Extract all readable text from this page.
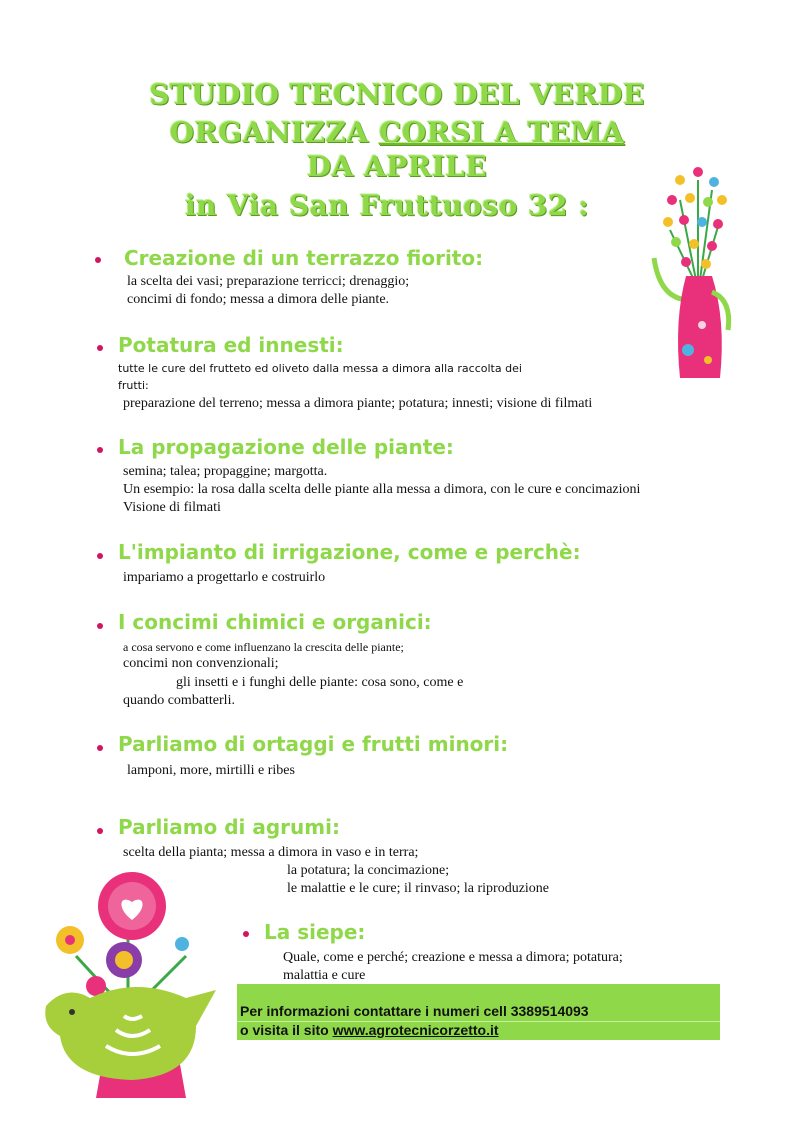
STUDIO TECNICO DEL VERDE
ORGANIZZA CORSI A TEMA
DA APRILE
in Via San Fruttuoso 32 :
Creazione di un terrazzo fiorito:
la scelta dei vasi; preparazione terricci; drenaggio;
concimi di fondo; messa a dimora delle piante.
Potatura ed innesti:
tutte le cure del frutteto ed oliveto dalla messa a dimora alla raccolta dei
frutti:
preparazione del terreno; messa a dimora piante; potatura; innesti; visione di filmati
La propagazione delle piante:
semina; talea; propaggine; margotta.
Un esempio: la rosa dalla scelta delle piante alla messa a dimora, con le cure e concimazioni
Visione di filmati
L'impianto di irrigazione, come e perchè:
impariamo a progettarlo e costruirlo
I concimi chimici e organici:
a cosa servono e come influenzano la crescita delle piante;
concimi non convenzionali;
gli insetti e i funghi delle piante: cosa sono, come e
quando combatterli.
Parliamo di ortaggi e frutti minori:
lamponi, more, mirtilli e ribes
Parliamo di agrumi:
scelta della pianta; messa a dimora in vaso e in terra;
la potatura; la concimazione;
le malattie e le cure; il rinvaso; la riproduzione
La siepe:
Quale, come e perché; creazione e messa a dimora; potatura;
malattia e cure
Per informazioni contattare i numeri cell 3389514093
o visita il sito www.agrotecnicorzetto.it
